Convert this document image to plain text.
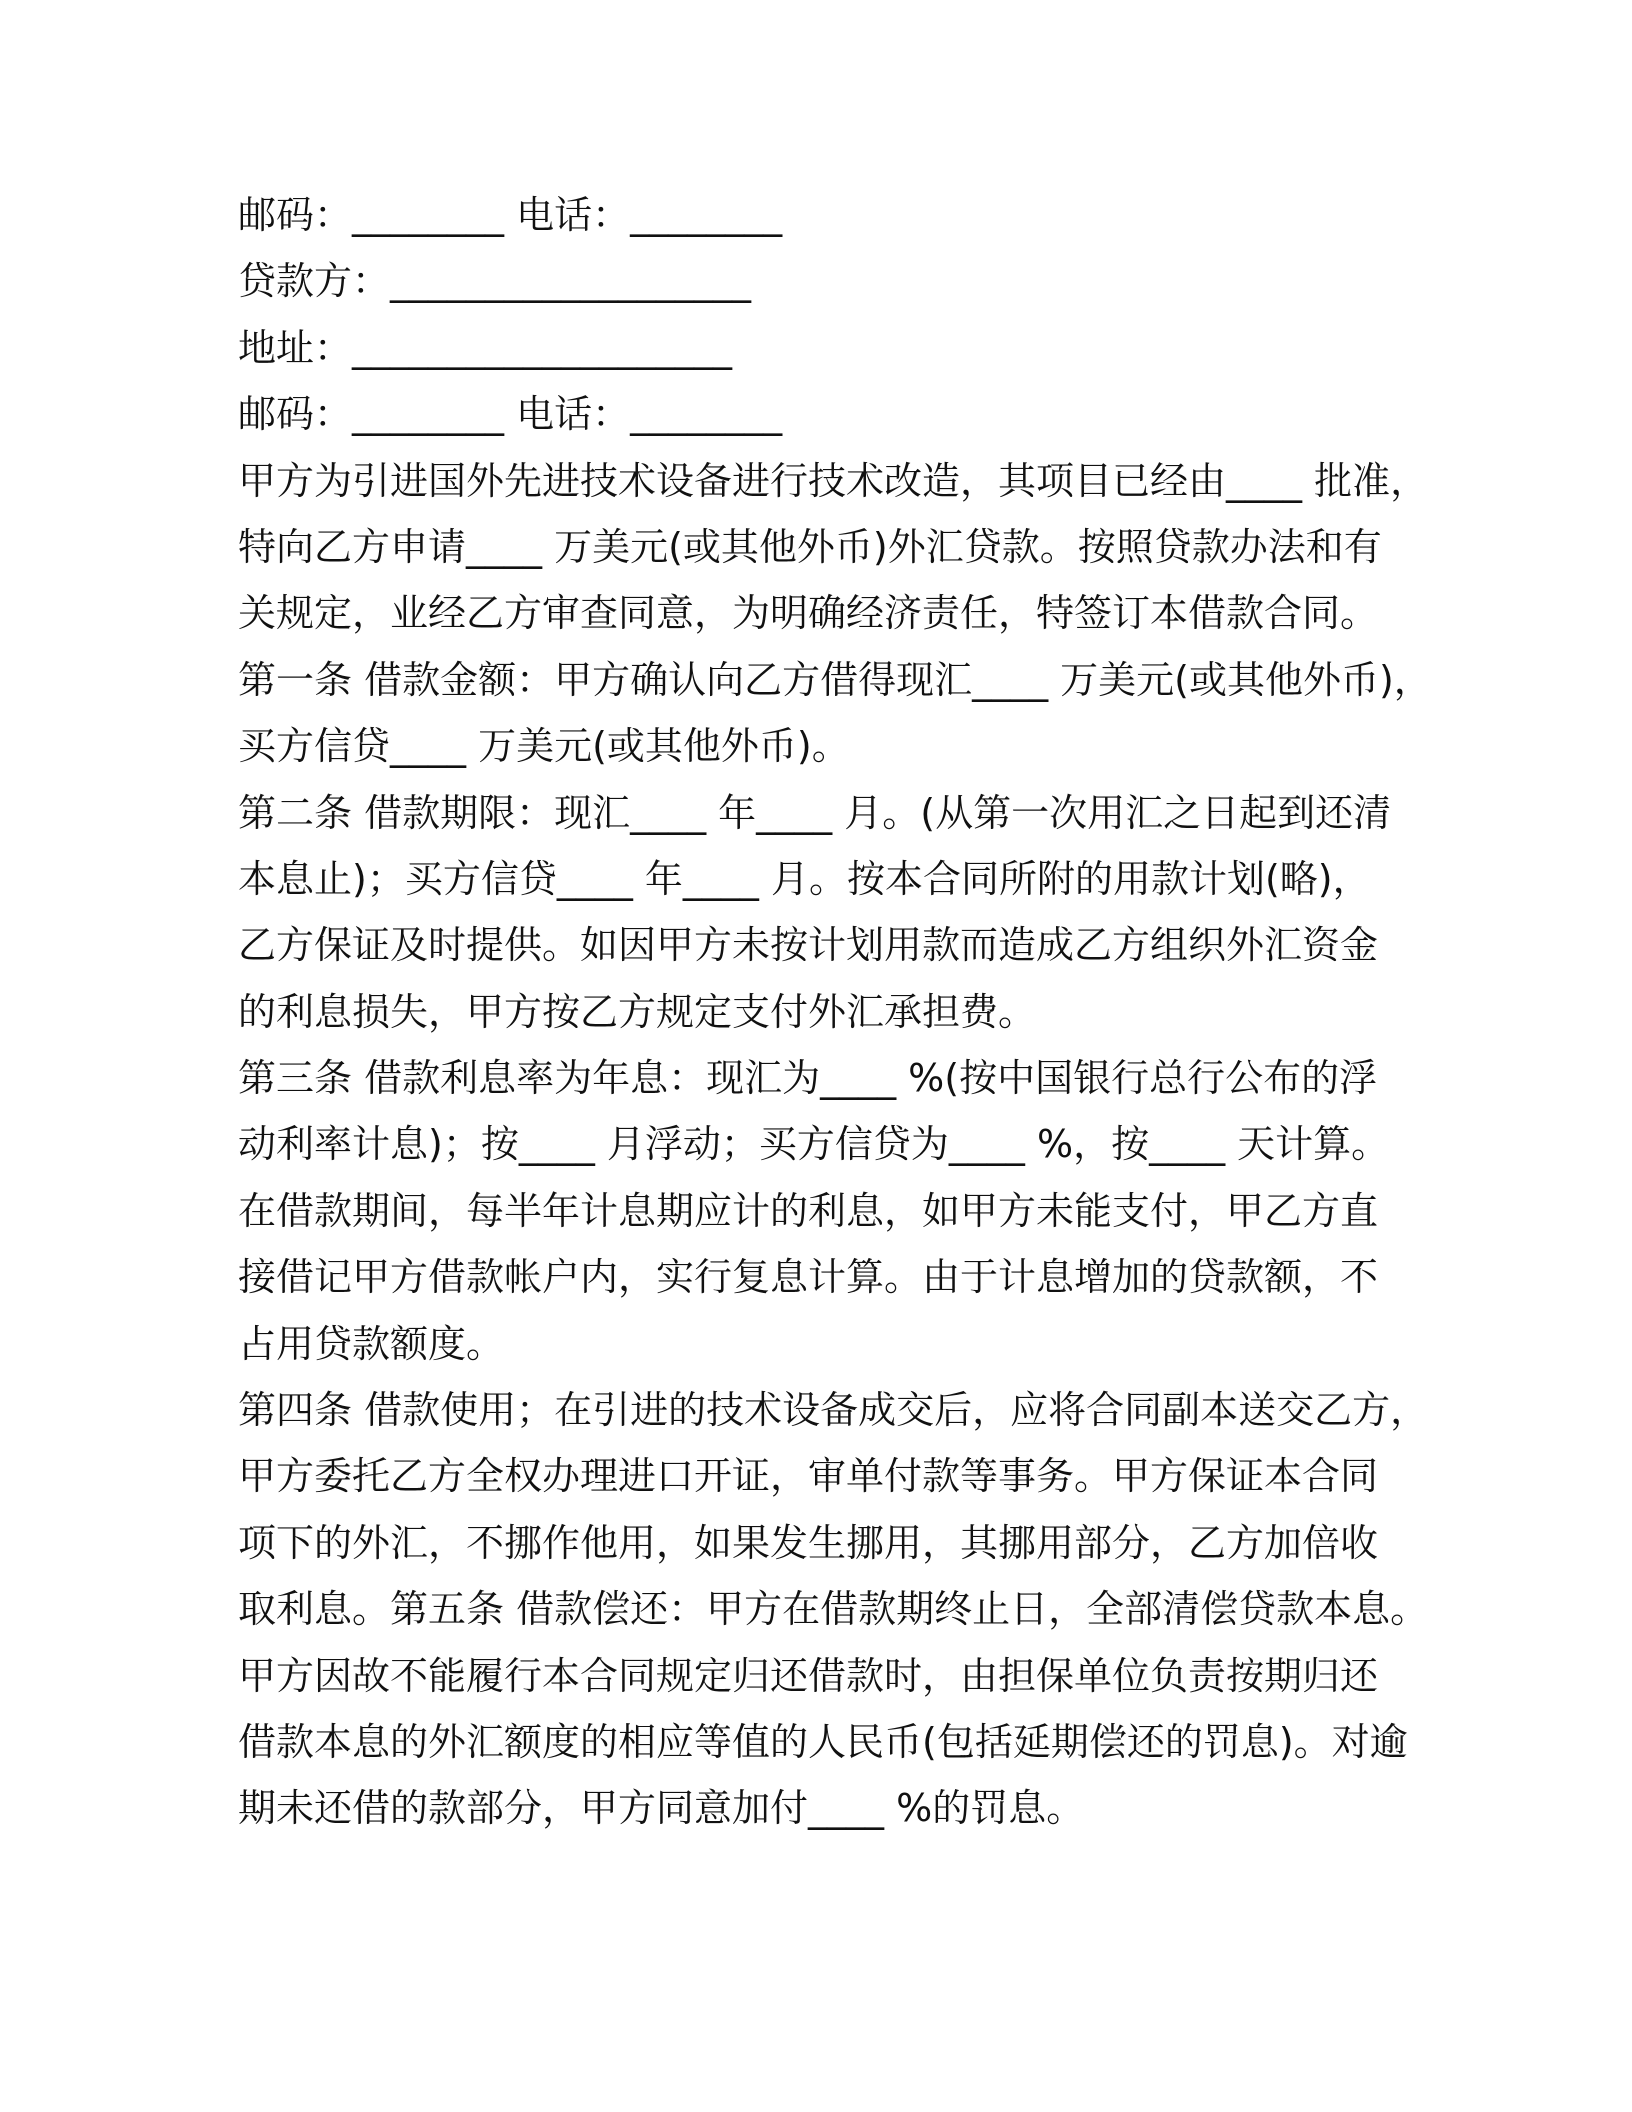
邮码：________ 电话：________
贷款方：___________________
地址：____________________
邮码：________ 电话：________
甲方为引进国外先进技术设备进行技术改造，其项目已经由____ 批准，
特向乙方申请____ 万美元(或其他外币)外汇贷款。按照贷款办法和有
关规定，业经乙方审查同意，为明确经济责任，特签订本借款合同。
第一条 借款金额：甲方确认向乙方借得现汇____ 万美元(或其他外币)，
买方信贷____ 万美元(或其他外币)。
第二条 借款期限：现汇____ 年____ 月。(从第一次用汇之日起到还清
本息止)；买方信贷____ 年____ 月。按本合同所附的用款计划(略)，
乙方保证及时提供。如因甲方未按计划用款而造成乙方组织外汇资金
的利息损失，甲方按乙方规定支付外汇承担费。
第三条 借款利息率为年息：现汇为____ %(按中国银行总行公布的浮
动利率计息)；按____ 月浮动；买方信贷为____ %，按____ 天计算。
在借款期间，每半年计息期应计的利息，如甲方未能支付，甲乙方直
接借记甲方借款帐户内，实行复息计算。由于计息增加的贷款额，不
占用贷款额度。
第四条 借款使用；在引进的技术设备成交后，应将合同副本送交乙方，
甲方委托乙方全权办理进口开证，审单付款等事务。甲方保证本合同
项下的外汇，不挪作他用，如果发生挪用，其挪用部分，乙方加倍收
取利息。第五条 借款偿还：甲方在借款期终止日，全部清偿贷款本息。
甲方因故不能履行本合同规定归还借款时，由担保单位负责按期归还
借款本息的外汇额度的相应等值的人民币(包括延期偿还的罚息)。对逾
期未还借的款部分，甲方同意加付____ %的罚息。
